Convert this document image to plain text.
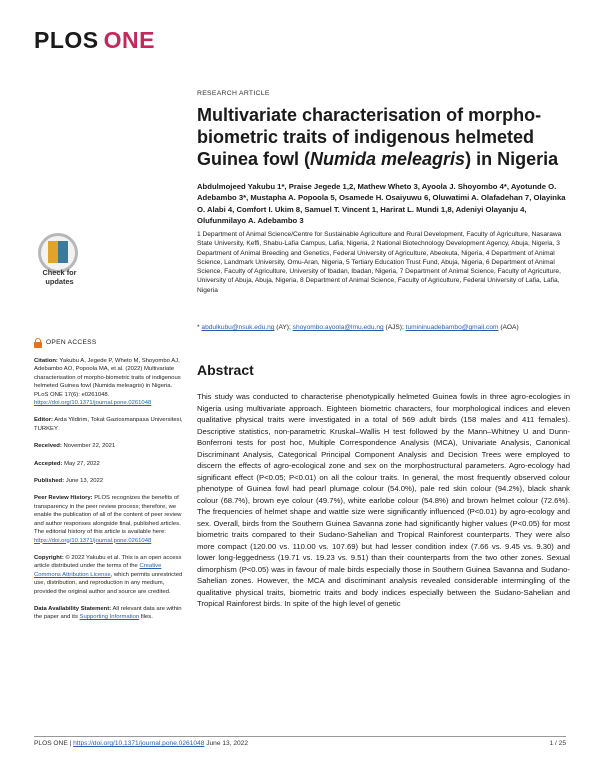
PLOS ONE
RESEARCH ARTICLE
Multivariate characterisation of morpho-biometric traits of indigenous helmeted Guinea fowl (Numida meleagris) in Nigeria
Abdulmojeed Yakubu 1*, Praise Jegede 1,2, Mathew Wheto 3, Ayoola J. Shoyombo 4*, Ayotunde O. Adebambo 3*, Mustapha A. Popoola 5, Osamede H. Osaiyuwu 6, Oluwatimi A. Olafadehan 7, Olayinka O. Alabi 4, Comfort I. Ukim 8, Samuel T. Vincent 1, Harirat L. Mundi 1,8, Adeniyi Olayanju 4, Olufunmilayo A. Adebambo 3
1 Department of Animal Science/Centre for Sustainable Agriculture and Rural Development, Faculty of Agriculture, Nasarawa State University, Keffi, Shabu-Lafia Campus, Lafia, Nigeria, 2 National Biotechnology Development Agency, Abuja, Nigeria, 3 Department of Animal Breeding and Genetics, Federal University of Agriculture, Abeokuta, Nigeria, 4 Department of Animal Science, Landmark University, Omu-Aran, Nigeria, 5 Tertiary Education Trust Fund, Abuja, Nigeria, 6 Department of Animal Science, Faculty of Agriculture, University of Ibadan, Ibadan, Nigeria, 7 Department of Animal Science, Faculty of Agriculture, University of Abuja, Abuja, Nigeria, 8 Department of Animal Science, Faculty of Agriculture, Federal University of Lafia, Lafia, Nigeria
* abdulkubu@nsuk.edu.ng (AY); shoyombo.ayoola@lmu.edu.ng (AJS); tumininuadebambo@gmail.com (AOA)
Check for updates
OPEN ACCESS
Citation: Yakubu A, Jegede P, Wheto M, Shoyombo AJ, Adebambo AO, Popoola MA, et al. (2022) Multivariate characterisation of morpho-biometric traits of indigenous helmeted Guinea fowl (Numida meleagris) in Nigeria. PLoS ONE 17(6): e0261048. https://doi.org/10.1371/journal.pone.0261048
Editor: Arda Yildirim, Tokat Gaziosmanpasa Universitesi, TURKEY
Received: November 22, 2021
Accepted: May 27, 2022
Published: June 13, 2022
Peer Review History: PLOS recognizes the benefits of transparency in the peer review process; therefore, we enable the publication of all of the content of peer review and author responses alongside final, published articles. The editorial history of this article is available here: https://doi.org/10.1371/journal.pone.0261048
Copyright: © 2022 Yakubu et al. This is an open access article distributed under the terms of the Creative Commons Attribution License, which permits unrestricted use, distribution, and reproduction in any medium, provided the original author and source are credited.
Data Availability Statement: All relevant data are within the paper and its Supporting Information files.
Abstract

This study was conducted to characterise phenotypically helmeted Guinea fowls in three agro-ecologies in Nigeria using multivariate approach. Eighteen biometric characters, four morphological indices and eleven qualitative physical traits were investigated in a total of 569 adult birds (158 males and 411 females). Descriptive statistics, non-parametric Kruskal–Wallis H test followed by the Mann–Whitney U and Dunn-Bonferroni tests for post hoc, Multiple Correspondence Analysis (MCA), Univariate Analysis, Canonical Discriminant Analysis, Categorical Principal Component Analysis and Decision Trees were employed to discern the effects of agro-ecological zone and sex on the morphostructural parameters. Agro-ecology had significant effect (P<0.05; P<0.01) on all the colour traits. In general, the most frequently observed colour phenotype of Guinea fowl had pearl plumage colour (54.0%), pale red skin colour (94.2%), black shank colour (68.7%), brown eye colour (49.7%), white earlobe colour (54.8%) and brown helmet colour (72.6%). The frequencies of helmet shape and wattle size were significantly influenced (P<0.01) by agro-ecology and sex. Overall, birds from the Southern Guinea Savanna zone had significantly higher values (P<0.05) for most biometric traits compared to their Sudano-Sahelian and Tropical Rainforest counterparts. They were also more compact (120.00 vs. 110.00 vs. 107.69) but had lesser condition index (7.66 vs. 9.45 vs. 9.30) and lower long-leggedness (19.71 vs. 19.23 vs. 9.51) than their counterparts from the two other zones. Sexual dimorphism (P<0.05) was in favour of male birds especially those in Southern Guinea Savanna and Sudano-Sahelian zones. However, the MCA and discriminant analysis revealed considerable intermingling of the qualitative physical traits, biometric traits and body indices especially between the Sudano-Sahelian and Tropical Rainforest birds. In spite of the high level of genetic

PLOS ONE | https://doi.org/10.1371/journal.pone.0261048 June 13, 2022	1 / 25
